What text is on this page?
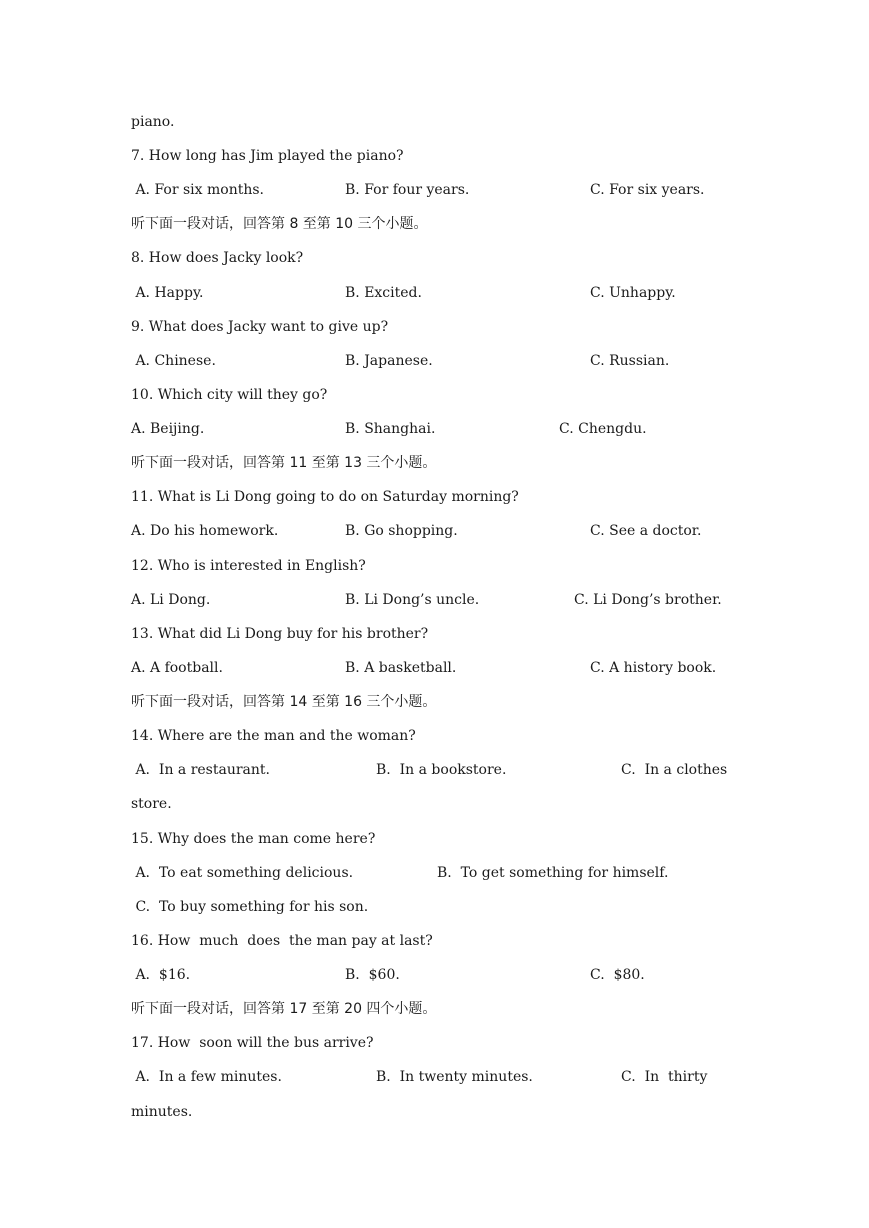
piano.
7. How long has Jim played the piano?
A. For six months.	B. For four years.	C. For six years.
听下面一段对话，回答第 8 至第 10 三个小题。
8. How does Jacky look?
A. Happy.	B. Excited.	C. Unhappy.
9. What does Jacky want to give up?
A. Chinese.	B. Japanese.	C. Russian.
10. Which city will they go?
A. Beijing.	B. Shanghai.	C. Chengdu.
听下面一段对话，回答第 11 至第 13 三个小题。
11. What is Li Dong going to do on Saturday morning?
A. Do his homework.	B. Go shopping.	C. See a doctor.
12. Who is interested in English?
A. Li Dong.	B. Li Dong’s uncle.	C. Li Dong’s brother.
13. What did Li Dong buy for his brother?
A. A football.	B. A basketball.	C. A history book.
听下面一段对话，回答第 14 至第 16 三个小题。
14. Where are the man and the woman?
A.  In a restaurant.	B.  In a bookstore.	C.  In a clothes
store.
15. Why does the man come here?
A.  To eat something delicious.	B.  To get something for himself.
C.  To buy something for his son.
16. How  much  does  the man pay at last?
A.  $16.	B.  $60.	C.  $80.
听下面一段对话，回答第 17 至第 20 四个小题。
17. How  soon will the bus arrive?
A.  In a few minutes.	B.  In twenty minutes.	C.  In  thirty
minutes.
